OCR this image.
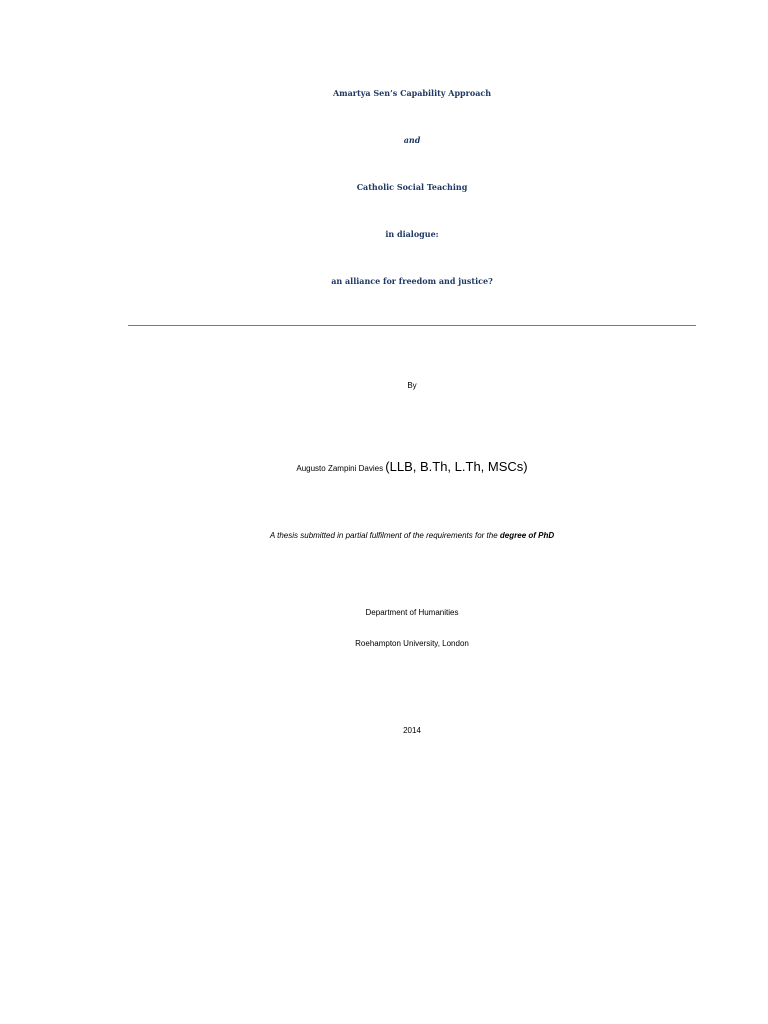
Amartya Sen’s Capability Approach
and
Catholic Social Teaching
in dialogue:
an alliance for freedom and justice?
By
Augusto Zampini Davies (LLB, B.Th, L.Th, MSCs)
A thesis submitted in partial fulfilment of the requirements for the degree of PhD
Department of Humanities
Roehampton University, London
2014
